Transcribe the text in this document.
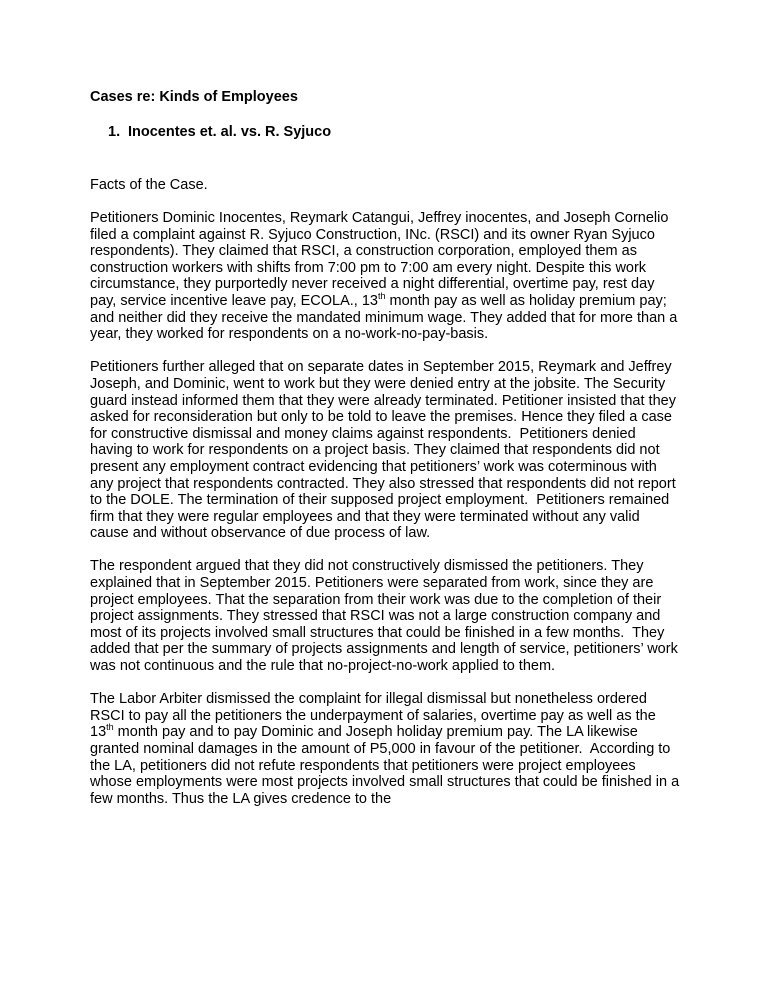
Cases re: Kinds of Employees
1. Inocentes et. al. vs. R. Syjuco
Facts of the Case.

Petitioners Dominic Inocentes, Reymark Catangui, Jeffrey inocentes, and Joseph Cornelio filed a complaint against R. Syjuco Construction, INc. (RSCI) and its owner Ryan Syjuco respondents). They claimed that RSCI, a construction corporation, employed them as construction workers with shifts from 7:00 pm to 7:00 am every night. Despite this work circumstance, they purportedly never received a night differential, overtime pay, rest day pay, service incentive leave pay, ECOLA., 13th month pay as well as holiday premium pay; and neither did they receive the mandated minimum wage. They added that for more than a year, they worked for respondents on a no-work-no-pay-basis.

Petitioners further alleged that on separate dates in September 2015, Reymark and Jeffrey Joseph, and Dominic, went to work but they were denied entry at the jobsite. The Security guard instead informed them that they were already terminated. Petitioner insisted that they asked for reconsideration but only to be told to leave the premises. Hence they filed a case for constructive dismissal and money claims against respondents.  Petitioners denied having to work for respondents on a project basis. They claimed that respondents did not present any employment contract evidencing that petitioners’ work was coterminous with any project that respondents contracted. They also stressed that respondents did not report to the DOLE. The termination of their supposed project employment.  Petitioners remained firm that they were regular employees and that they were terminated without any valid cause and without observance of due process of law.

The respondent argued that they did not constructively dismissed the petitioners. They explained that in September 2015. Petitioners were separated from work, since they are project employees. That the separation from their work was due to the completion of their project assignments. They stressed that RSCI was not a large construction company and most of its projects involved small structures that could be finished in a few months.  They added that per the summary of projects assignments and length of service, petitioners’ work was not continuous and the rule that no-project-no-work applied to them.

The Labor Arbiter dismissed the complaint for illegal dismissal but nonetheless ordered RSCI to pay all the petitioners the underpayment of salaries, overtime pay as well as the 13th month pay and to pay Dominic and Joseph holiday premium pay. The LA likewise granted nominal damages in the amount of P5,000 in favour of the petitioner.  According to the LA, petitioners did not refute respondents that petitioners were project employees whose employments were most projects involved small structures that could be finished in a few months. Thus the LA gives credence to the
